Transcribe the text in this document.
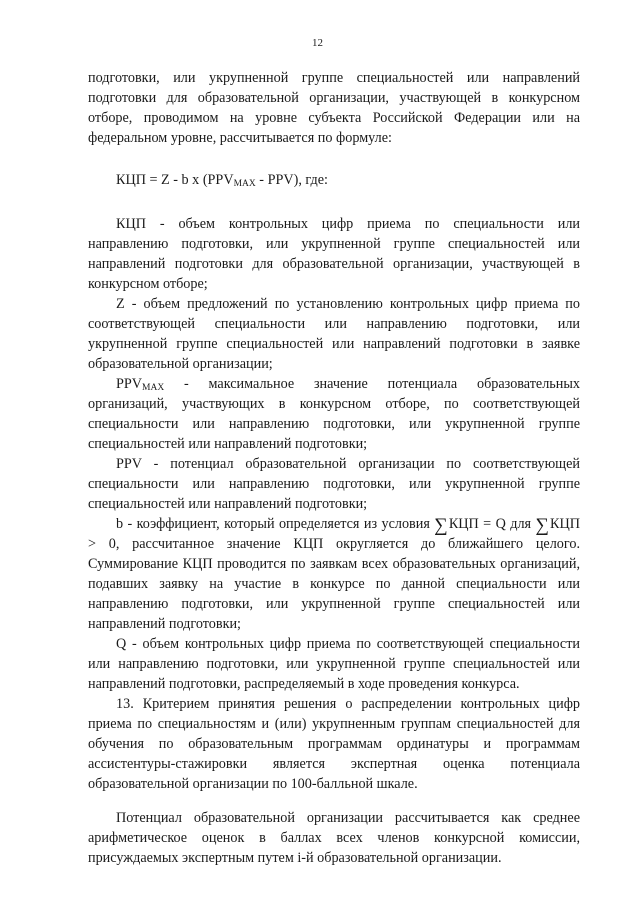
12

подготовки, или укрупненной группе специальностей или направлений подготовки для образовательной организации, участвующей в конкурсном отборе, проводимом на уровне субъекта Российской Федерации или на федеральном уровне, рассчитывается по формуле:

КЦП = Z - b x $(PPV_{MAX} - PPV)$, где:

КЦП - объем контрольных цифр приема по специальности или направлению подготовки, или укрупненной группе специальностей или направлений подготовки для образовательной организации, участвующей в конкурсном отборе;

Z - объем предложений по установлению контрольных цифр приема по соответствующей специальности или направлению подготовки, или укрупненной группе специальностей или направлений подготовки в заявке образовательной организации;

$PPV_{MAX}$ - максимальное значение потенциала образовательных организаций, участвующих в конкурсном отборе, по соответствующей специальности или направлению подготовки, или укрупненной группе специальностей или направлений подготовки;

PPV - потенциал образовательной организации по соответствующей специальности или направлению подготовки, или укрупненной группе специальностей или направлений подготовки;

b - коэффициент, который определяется из условия ∑КЦП = Q для ∑КЦП > 0, рассчитанное значение КЦП округляется до ближайшего целого. Суммирование КЦП проводится по заявкам всех образовательных организаций, подавших заявку на участие в конкурсе по данной специальности или направлению подготовки, или укрупненной группе специальностей или направлений подготовки;

Q - объем контрольных цифр приема по соответствующей специальности или направлению подготовки, или укрупненной группе специальностей или направлений подготовки, распределяемый в ходе проведения конкурса.

13. Критерием принятия решения о распределении контрольных цифр приема по специальностям и (или) укрупненным группам специальностей для обучения по образовательным программам ординатуры и программам ассистентуры-стажировки является экспертная оценка потенциала образовательной организации по 100-балльной шкале.

Потенциал образовательной организации рассчитывается как среднее арифметическое оценок в баллах всех членов конкурсной комиссии, присуждаемых экспертным путем i-й образовательной организации.
